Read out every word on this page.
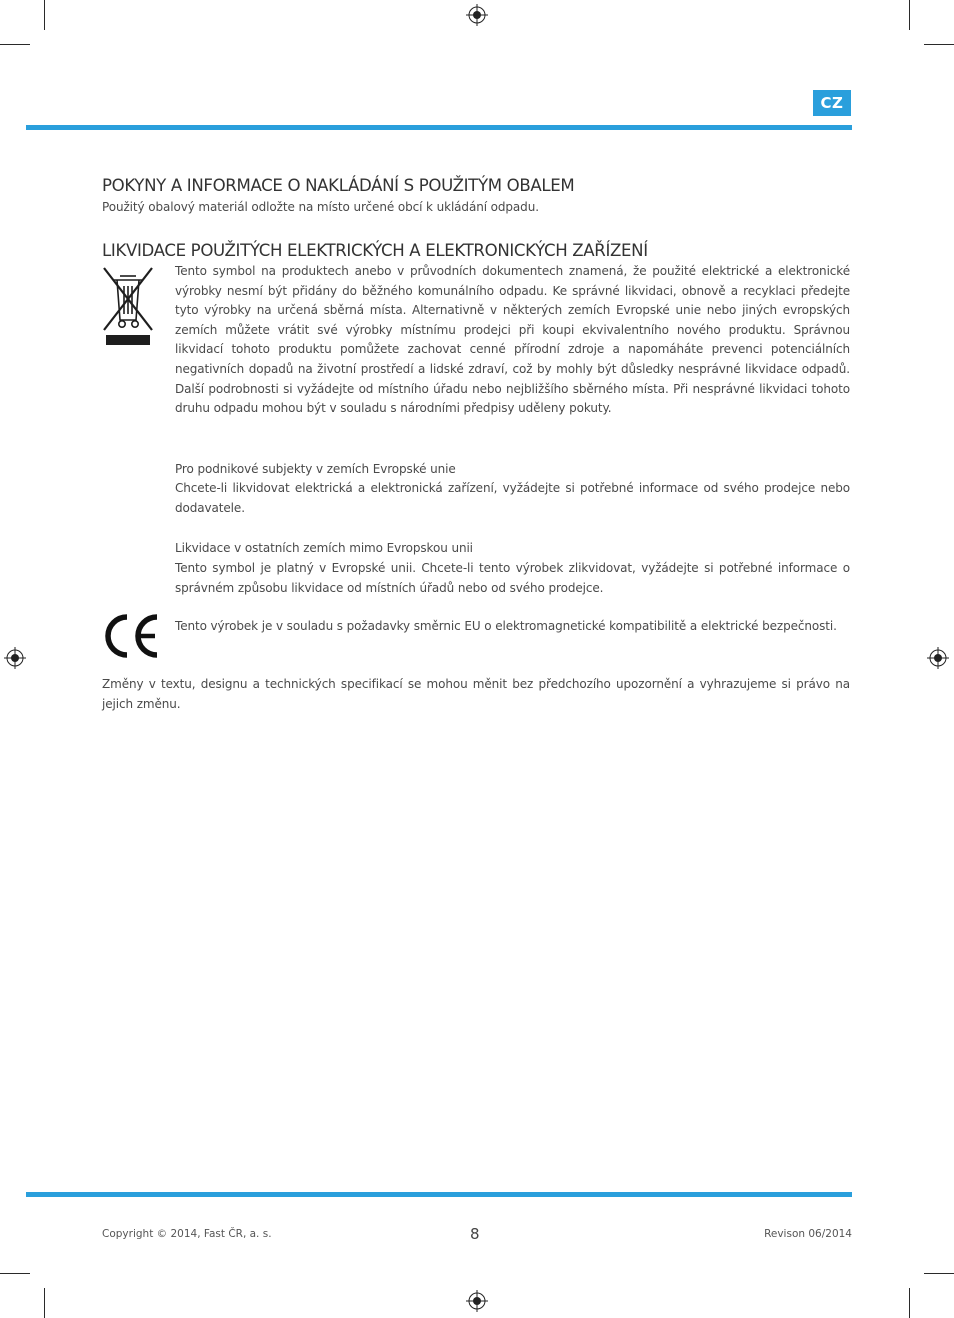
CZ
POKYNY A INFORMACE O NAKLÁDÁNÍ S POUŽITÝM OBALEM

Použitý obalový materiál odložte na místo určené obcí k ukládání odpadu.

LIKVIDACE POUŽITÝCH ELEKTRICKÝCH A ELEKTRONICKÝCH ZAŘÍZENÍ

Tento symbol na produktech anebo v průvodních dokumentech znamená, že použité elektrické a elektronické výrobky nesmí být přidány do běžného komunálního odpadu. Ke správné likvidaci, obnově a recyklaci předejte tyto výrobky na určená sběrná místa. Alternativně v některých zemích Evropské unie nebo jiných evropských zemích můžete vrátit své výrobky místnímu prodejci při koupi ekvivalentního nového produktu. Správnou likvidací tohoto produktu pomůžete zachovat cenné přírodní zdroje a napomáháte prevenci potenciálních negativních dopadů na životní prostředí a lidské zdraví, což by mohly být důsledky nesprávné likvidace odpadů. Další podrobnosti si vyžádejte od místního úřadu nebo nejbližšího sběrného místa. Při nesprávné likvidaci tohoto druhu odpadu mohou být v souladu s národními předpisy uděleny pokuty.

Pro podnikové subjekty v zemích Evropské unie

Chcete-li likvidovat elektrická a elektronická zařízení, vyžádejte si potřebné informace od svého prodejce nebo dodavatele.

Likvidace v ostatních zemích mimo Evropskou unii

Tento symbol je platný v Evropské unii. Chcete-li tento výrobek zlikvidovat, vyžádejte si potřebné informace o správném způsobu likvidace od místních úřadů nebo od svého prodejce.

Tento výrobek je v souladu s požadavky směrnic EU o elektromagnetické kompatibilitě a elektrické bezpečnosti.

Změny v textu, designu a technických specifikací se mohou měnit bez předchozího upozornění a vyhrazujeme si právo na jejich změnu.

Copyright © 2014, Fast ČR, a. s.	8	Revison 06/2014
